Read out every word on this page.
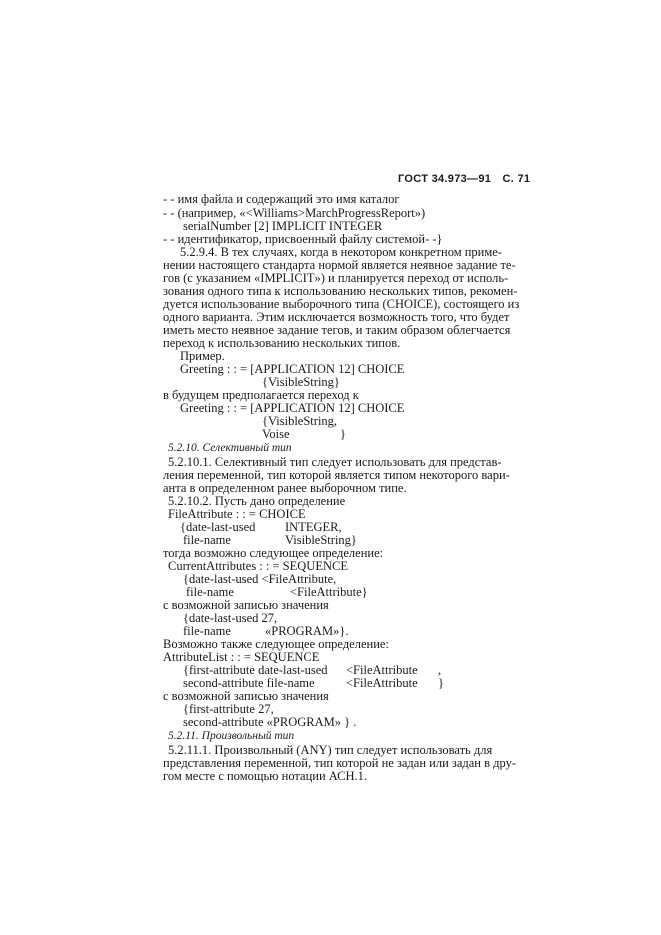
ГОСТ 34.973—91 С. 71
- - имя файла и содержащий это имя каталог
- - (например, «<Williams>MarchProgressReport»)
serialNumber [2] IMPLICIT INTEGER
- - идентификатор, присвоенный файлу системой- -}
5.2.9.4. В тех случаях, когда в некотором конкретном приме-
нении настоящего стандарта нормой является неявное задание те-
гов (с указанием «IMPLICIT») и планируется переход от исполь-
зования одного типа к использованию нескольких типов, рекомен-
дуется использование выборочного типа (CHOICE), состоящего из
одного варианта. Этим исключается возможность того, что будет
иметь место неявное задание тегов, и таким образом облегчается
переход к использованию нескольких типов.
Пример.
Greeting : : = [APPLICATION 12] CHOICE
{VisibleString}
в будущем предполагается переход к
Greeting : : = [APPLICATION 12] CHOICE
{VisibleString,
Voise	}
5.2.10. Селективный тип
5.2.10.1. Селективный тип следует использовать для представ-
ления переменной, тип которой является типом некоторого вари-
анта в определенном ранее выборочном типе.
5.2.10.2. Пусть дано определение
FileAttribute : : = CHOICE
{date-last-used INTEGER,
file-name	VisibleString}
тогда возможно следующее определение:
CurrentAttributes : : = SEQUENCE
{date-last-used <FileAttribute,
file-name	<FileAttribute}
с возможной записью значения
{date-last-used 27,
file-name	«PROGRAM»}.
Возможно также следующее определение:
AttributeList : : = SEQUENCE
{first-attribute date-last-used <FileAttribute ,
second-attribute file-name	<FileAttribute }
с возможной записью значения
{first-attribute 27,
second-attribute «PROGRAM» } .
5.2.11. Произвольный тип
5.2.11.1. Произвольный (ANY) тип следует использовать для
представления переменной, тип которой не задан или задан в дру-
гом месте с помощью нотации АСН.1.
